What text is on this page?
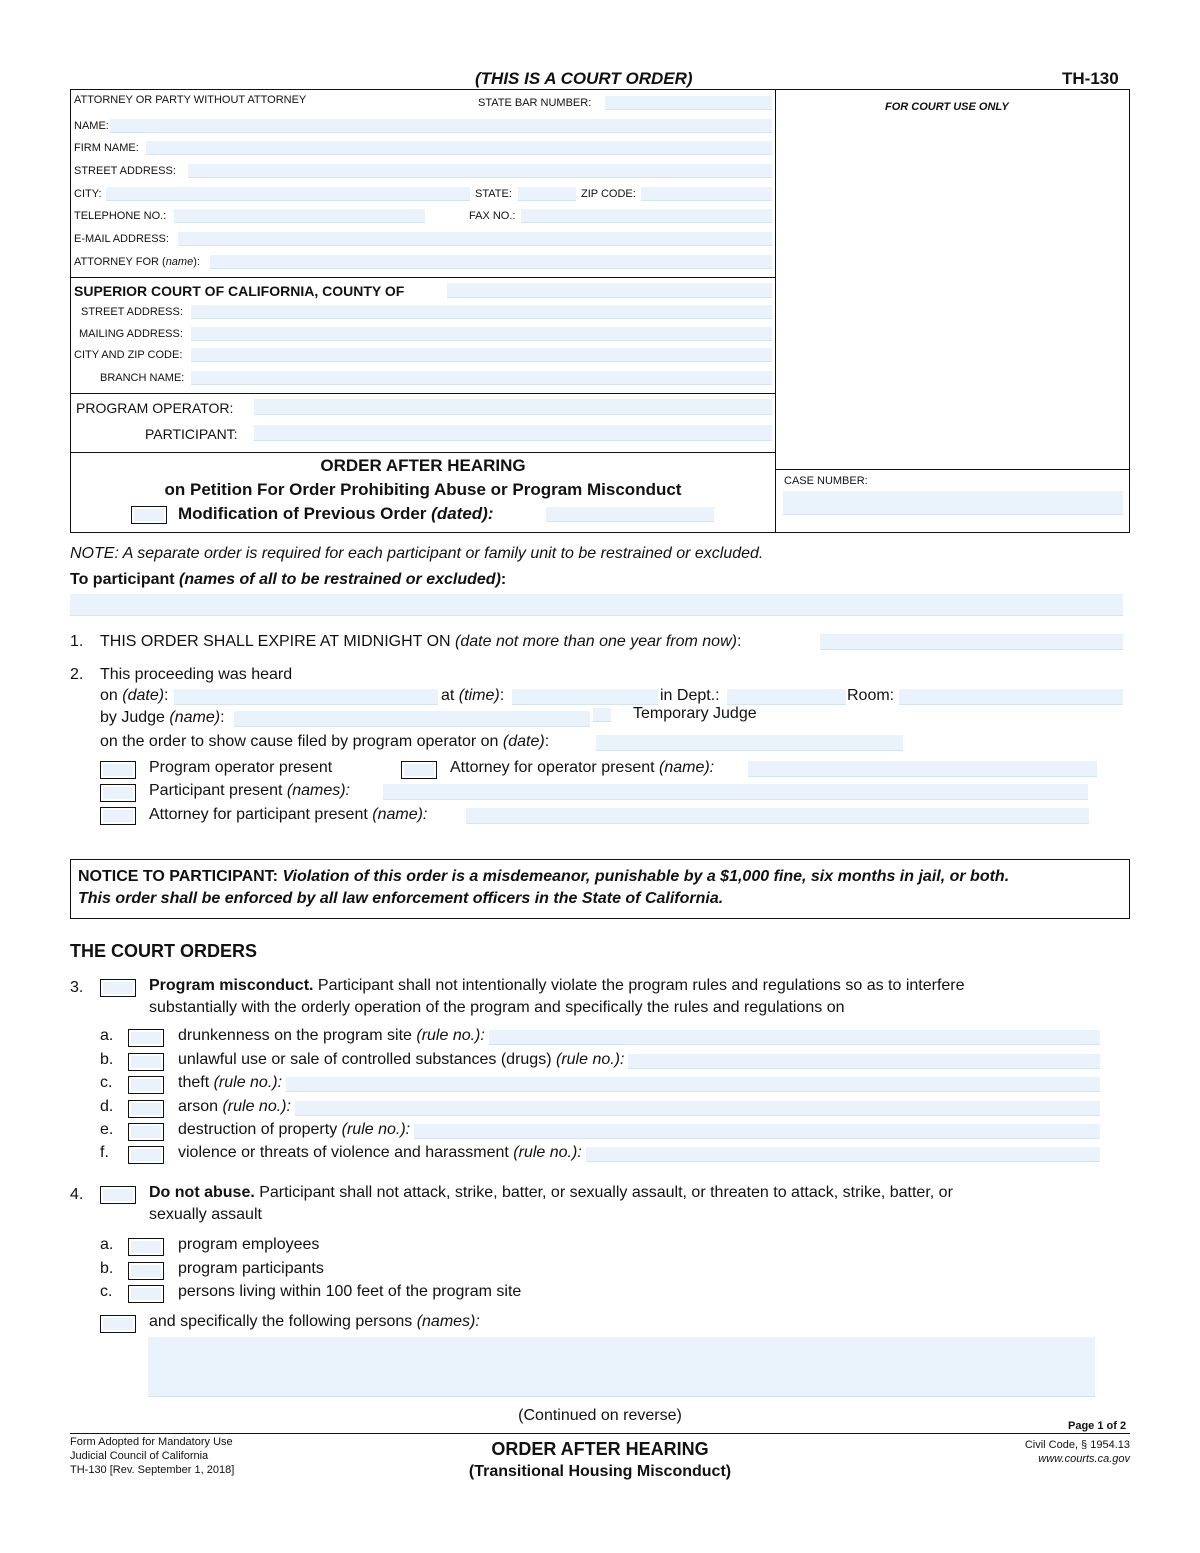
(THIS IS A COURT ORDER)	TH-130
ATTORNEY OR PARTY WITHOUT ATTORNEY	STATE BAR NUMBER:
NAME:
FIRM NAME:
STREET ADDRESS:
CITY:	STATE:	ZIP CODE:
TELEPHONE NO.:	FAX NO.:
E-MAIL ADDRESS:
ATTORNEY FOR (name):
FOR COURT USE ONLY
SUPERIOR COURT OF CALIFORNIA, COUNTY OF
STREET ADDRESS:
MAILING ADDRESS:
CITY AND ZIP CODE:
BRANCH NAME:
PROGRAM OPERATOR:
PARTICIPANT:
ORDER AFTER HEARING
on Petition For Order Prohibiting Abuse or Program Misconduct
Modification of Previous Order (dated):
CASE NUMBER:
NOTE: A separate order is required for each participant or family unit to be restrained or excluded.
To participant (names of all to be restrained or excluded):
1. THIS ORDER SHALL EXPIRE AT MIDNIGHT ON (date not more than one year from now):
2. This proceeding was heard
on (date):	at (time):	in Dept.:	Room:
by Judge (name):	Temporary Judge
on the order to show cause filed by program operator on (date):
Program operator present	Attorney for operator present (name):
Participant present (names):
Attorney for participant present (name):
NOTICE TO PARTICIPANT: Violation of this order is a misdemeanor, punishable by a $1,000 fine, six months in jail, or both.
This order shall be enforced by all law enforcement officers in the State of California.
THE COURT ORDERS
3.	Program misconduct. Participant shall not intentionally violate the program rules and regulations so as to interfere
substantially with the orderly operation of the program and specifically the rules and regulations on
a.	drunkenness on the program site (rule no.):
b.	unlawful use or sale of controlled substances (drugs) (rule no.):
c.	theft (rule no.):
d.	arson (rule no.):
e.	destruction of property (rule no.):
f.	violence or threats of violence and harassment (rule no.):
4.	Do not abuse. Participant shall not attack, strike, batter, or sexually assault, or threaten to attack, strike, batter, or
sexually assault
a.	program employees
b.	program participants
c.	persons living within 100 feet of the program site
and specifically the following persons (names):
(Continued on reverse)
Page 1 of 2
Form Adopted for Mandatory Use
Judicial Council of California
TH-130 [Rev. September 1, 2018]
ORDER AFTER HEARING
(Transitional Housing Misconduct)
Civil Code, § 1954.13
www.courts.ca.gov
